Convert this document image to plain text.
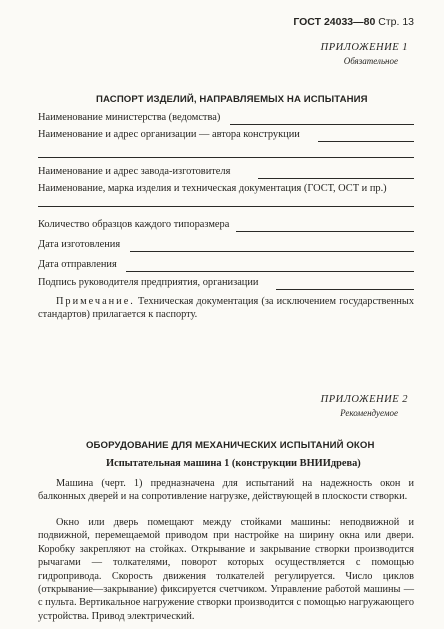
ГОСТ 24033—80 Стр. 13
ПРИЛОЖЕНИЕ 1
Обязательное
ПАСПОРТ ИЗДЕЛИЙ, НАПРАВЛЯЕМЫХ НА ИСПЫТАНИЯ
Наименование министерства (ведомства)
Наименование и адрес организации — автора конструкции
Наименование и адрес завода-изготовителя
Наименование, марка изделия и техническая документация (ГОСТ, ОСТ и пр.)
Количество образцов каждого типоразмера
Дата изготовления
Дата отправления
Подпись руководителя предприятия, организации
Примечание. Техническая документация (за исключением государственных стандартов) прилагается к паспорту.
ПРИЛОЖЕНИЕ 2
Рекомендуемое
ОБОРУДОВАНИЕ ДЛЯ МЕХАНИЧЕСКИХ ИСПЫТАНИЙ ОКОН
Испытательная машина 1 (конструкции ВНИИдрева)
Машина (черт. 1) предназначена для испытаний на надежность окон и балконных дверей и на сопротивление нагрузке, действующей в плоскости створки.
Окно или дверь помещают между стойками машины: неподвижной и подвижной, перемещаемой приводом при настройке на ширину окна или двери. Коробку закрепляют на стойках. Открывание и закрывание створки производится рычагами — толкателями, поворот которых осуществляется с помощью гидропривода. Скорость движения толкателей регулируется. Число циклов (открывание—закрывание) фиксируется счетчиком. Управление работой машины — с пульта. Вертикальное нагружение створки производится с помощью нагружающего устройства. Привод электрический.
